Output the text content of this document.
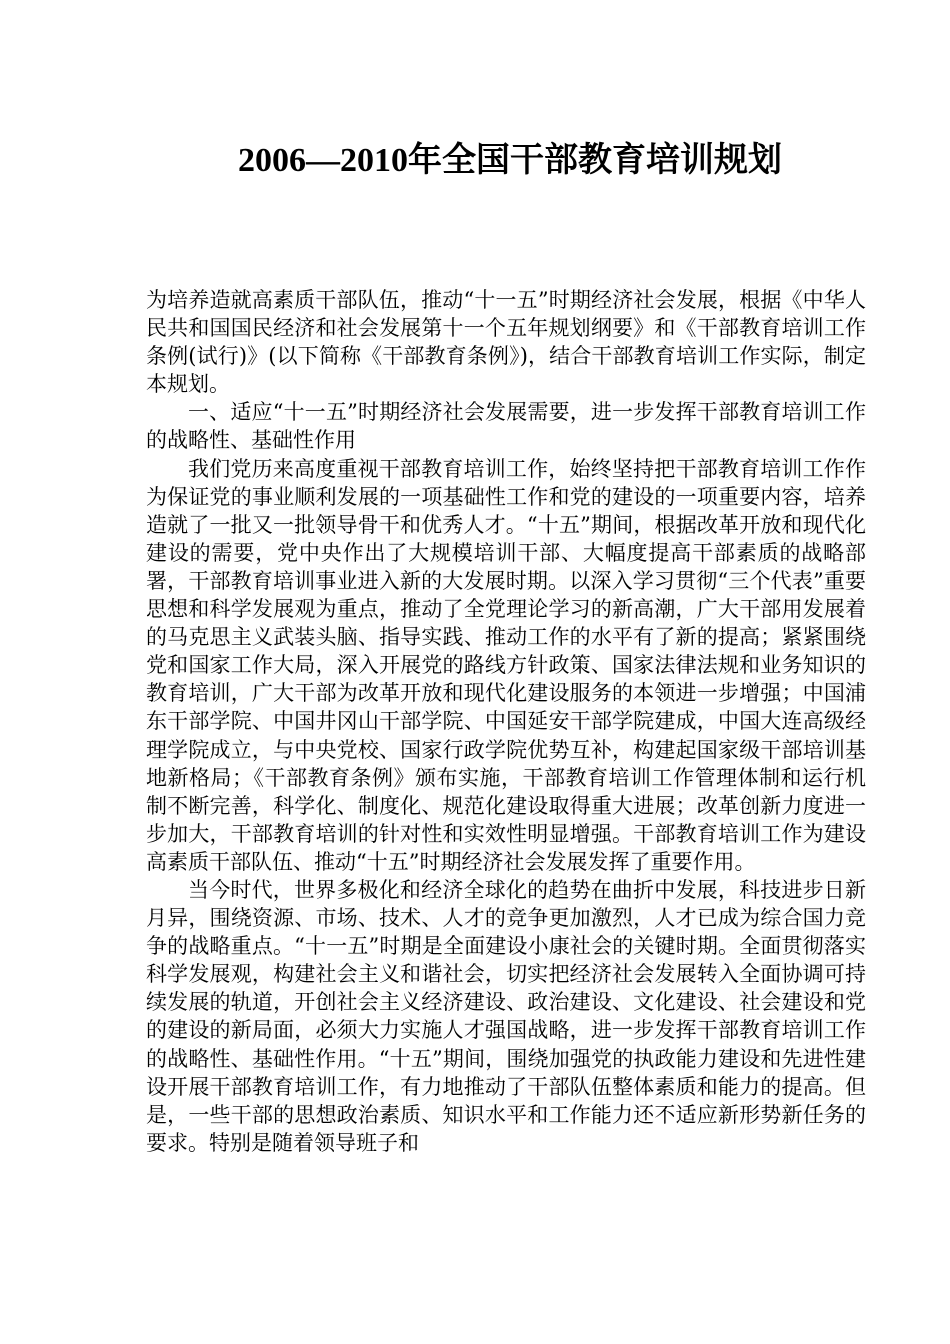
2006—2010年全国干部教育培训规划

为培养造就高素质干部队伍，推动“十一五”时期经济社会发展，根据《中华人民共和国国民经济和社会发展第十一个五年规划纲要》和《干部教育培训工作条例(试行)》(以下简称《干部教育条例》)，结合干部教育培训工作实际，制定本规划。

一、适应“十一五”时期经济社会发展需要，进一步发挥干部教育培训工作的战略性、基础性作用

我们党历来高度重视干部教育培训工作，始终坚持把干部教育培训工作作为保证党的事业顺利发展的一项基础性工作和党的建设的一项重要内容，培养造就了一批又一批领导骨干和优秀人才。“十五”期间，根据改革开放和现代化建设的需要，党中央作出了大规模培训干部、大幅度提高干部素质的战略部署，干部教育培训事业进入新的大发展时期。以深入学习贯彻“三个代表”重要思想和科学发展观为重点，推动了全党理论学习的新高潮，广大干部用发展着的马克思主义武装头脑、指导实践、推动工作的水平有了新的提高；紧紧围绕党和国家工作大局，深入开展党的路线方针政策、国家法律法规和业务知识的教育培训，广大干部为改革开放和现代化建设服务的本领进一步增强；中国浦东干部学院、中国井冈山干部学院、中国延安干部学院建成，中国大连高级经理学院成立，与中央党校、国家行政学院优势互补，构建起国家级干部培训基地新格局；《干部教育条例》颁布实施，干部教育培训工作管理体制和运行机制不断完善，科学化、制度化、规范化建设取得重大进展；改革创新力度进一步加大，干部教育培训的针对性和实效性明显增强。干部教育培训工作为建设高素质干部队伍、推动“十五”时期经济社会发展发挥了重要作用。

当今时代，世界多极化和经济全球化的趋势在曲折中发展，科技进步日新月异，围绕资源、市场、技术、人才的竞争更加激烈，人才已成为综合国力竞争的战略重点。“十一五”时期是全面建设小康社会的关键时期。全面贯彻落实科学发展观，构建社会主义和谐社会，切实把经济社会发展转入全面协调可持续发展的轨道，开创社会主义经济建设、政治建设、文化建设、社会建设和党的建设的新局面，必须大力实施人才强国战略，进一步发挥干部教育培训工作的战略性、基础性作用。“十五”期间，围绕加强党的执政能力建设和先进性建设开展干部教育培训工作，有力地推动了干部队伍整体素质和能力的提高。但是，一些干部的思想政治素质、知识水平和工作能力还不适应新形势新任务的要求。特别是随着领导班子和
